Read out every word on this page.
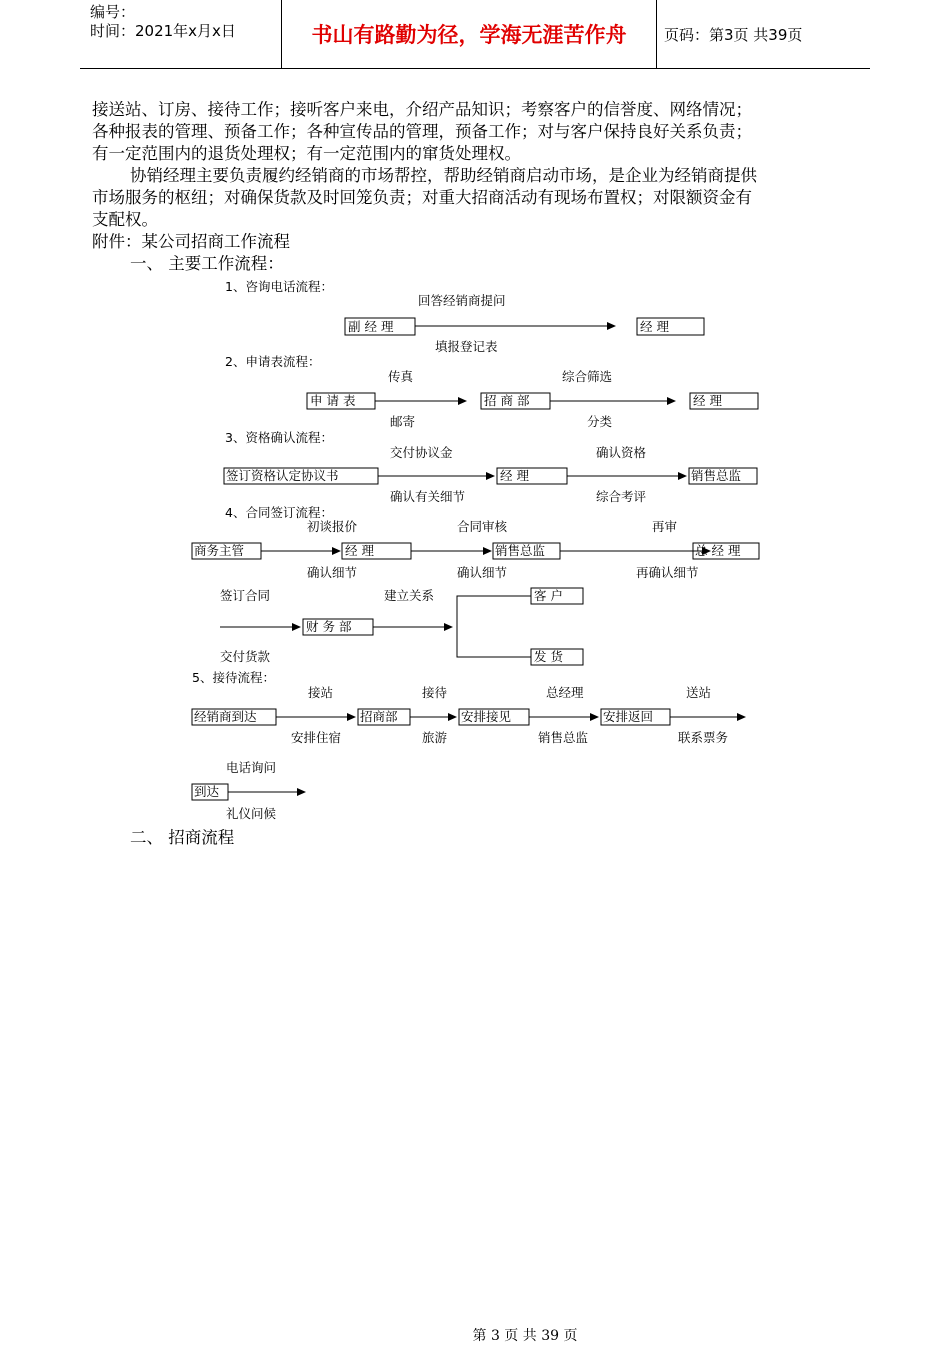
编号：
时间：2021年x月x日	书山有路勤为径，学海无涯苦作舟	页码：第3页 共39页

接送站、订房、接待工作；接听客户来电，介绍产品知识；考察客户的信誉度、网络情况；

各种报表的管理、预备工作；各种宣传品的管理，预备工作；对与客户保持良好关系负责；

有一定范围内的退货处理权；有一定范围内的窜货处理权。

协销经理主要负责履约经销商的市场帮控，帮助经销商启动市场，是企业为经销商提供

市场服务的枢纽；对确保货款及时回笼负责；对重大招商活动有现场布置权；对限额资金有

支配权。

附件：某公司招商工作流程

一、 主要工作流程：

1、咨询电话流程：
回答经销商提问
副 经 理	经 理
填报登记表
2、申请表流程：
传真	综合筛选
申 请 表	招 商 部	经 理
邮寄	分类
3、资格确认流程：
交付协议金	确认资格
签订资格认定协议书	经 理	销售总监
确认有关细节	综合考评
4、合同签订流程：
初谈报价	合同审核	再审
商务主管	经 理	销售总监	总 经 理
确认细节	确认细节	再确认细节
签订合同	建立关系
财 务 部
客 户
发 货
交付货款
5、接待流程：
接站	接待	总经理	送站
经销商到达	招商部	安排接见	安排返回
安排住宿	旅游	销售总监	联系票务
电话询问
到达
礼仪问候
二、 招商流程
第 3 页 共 39 页
